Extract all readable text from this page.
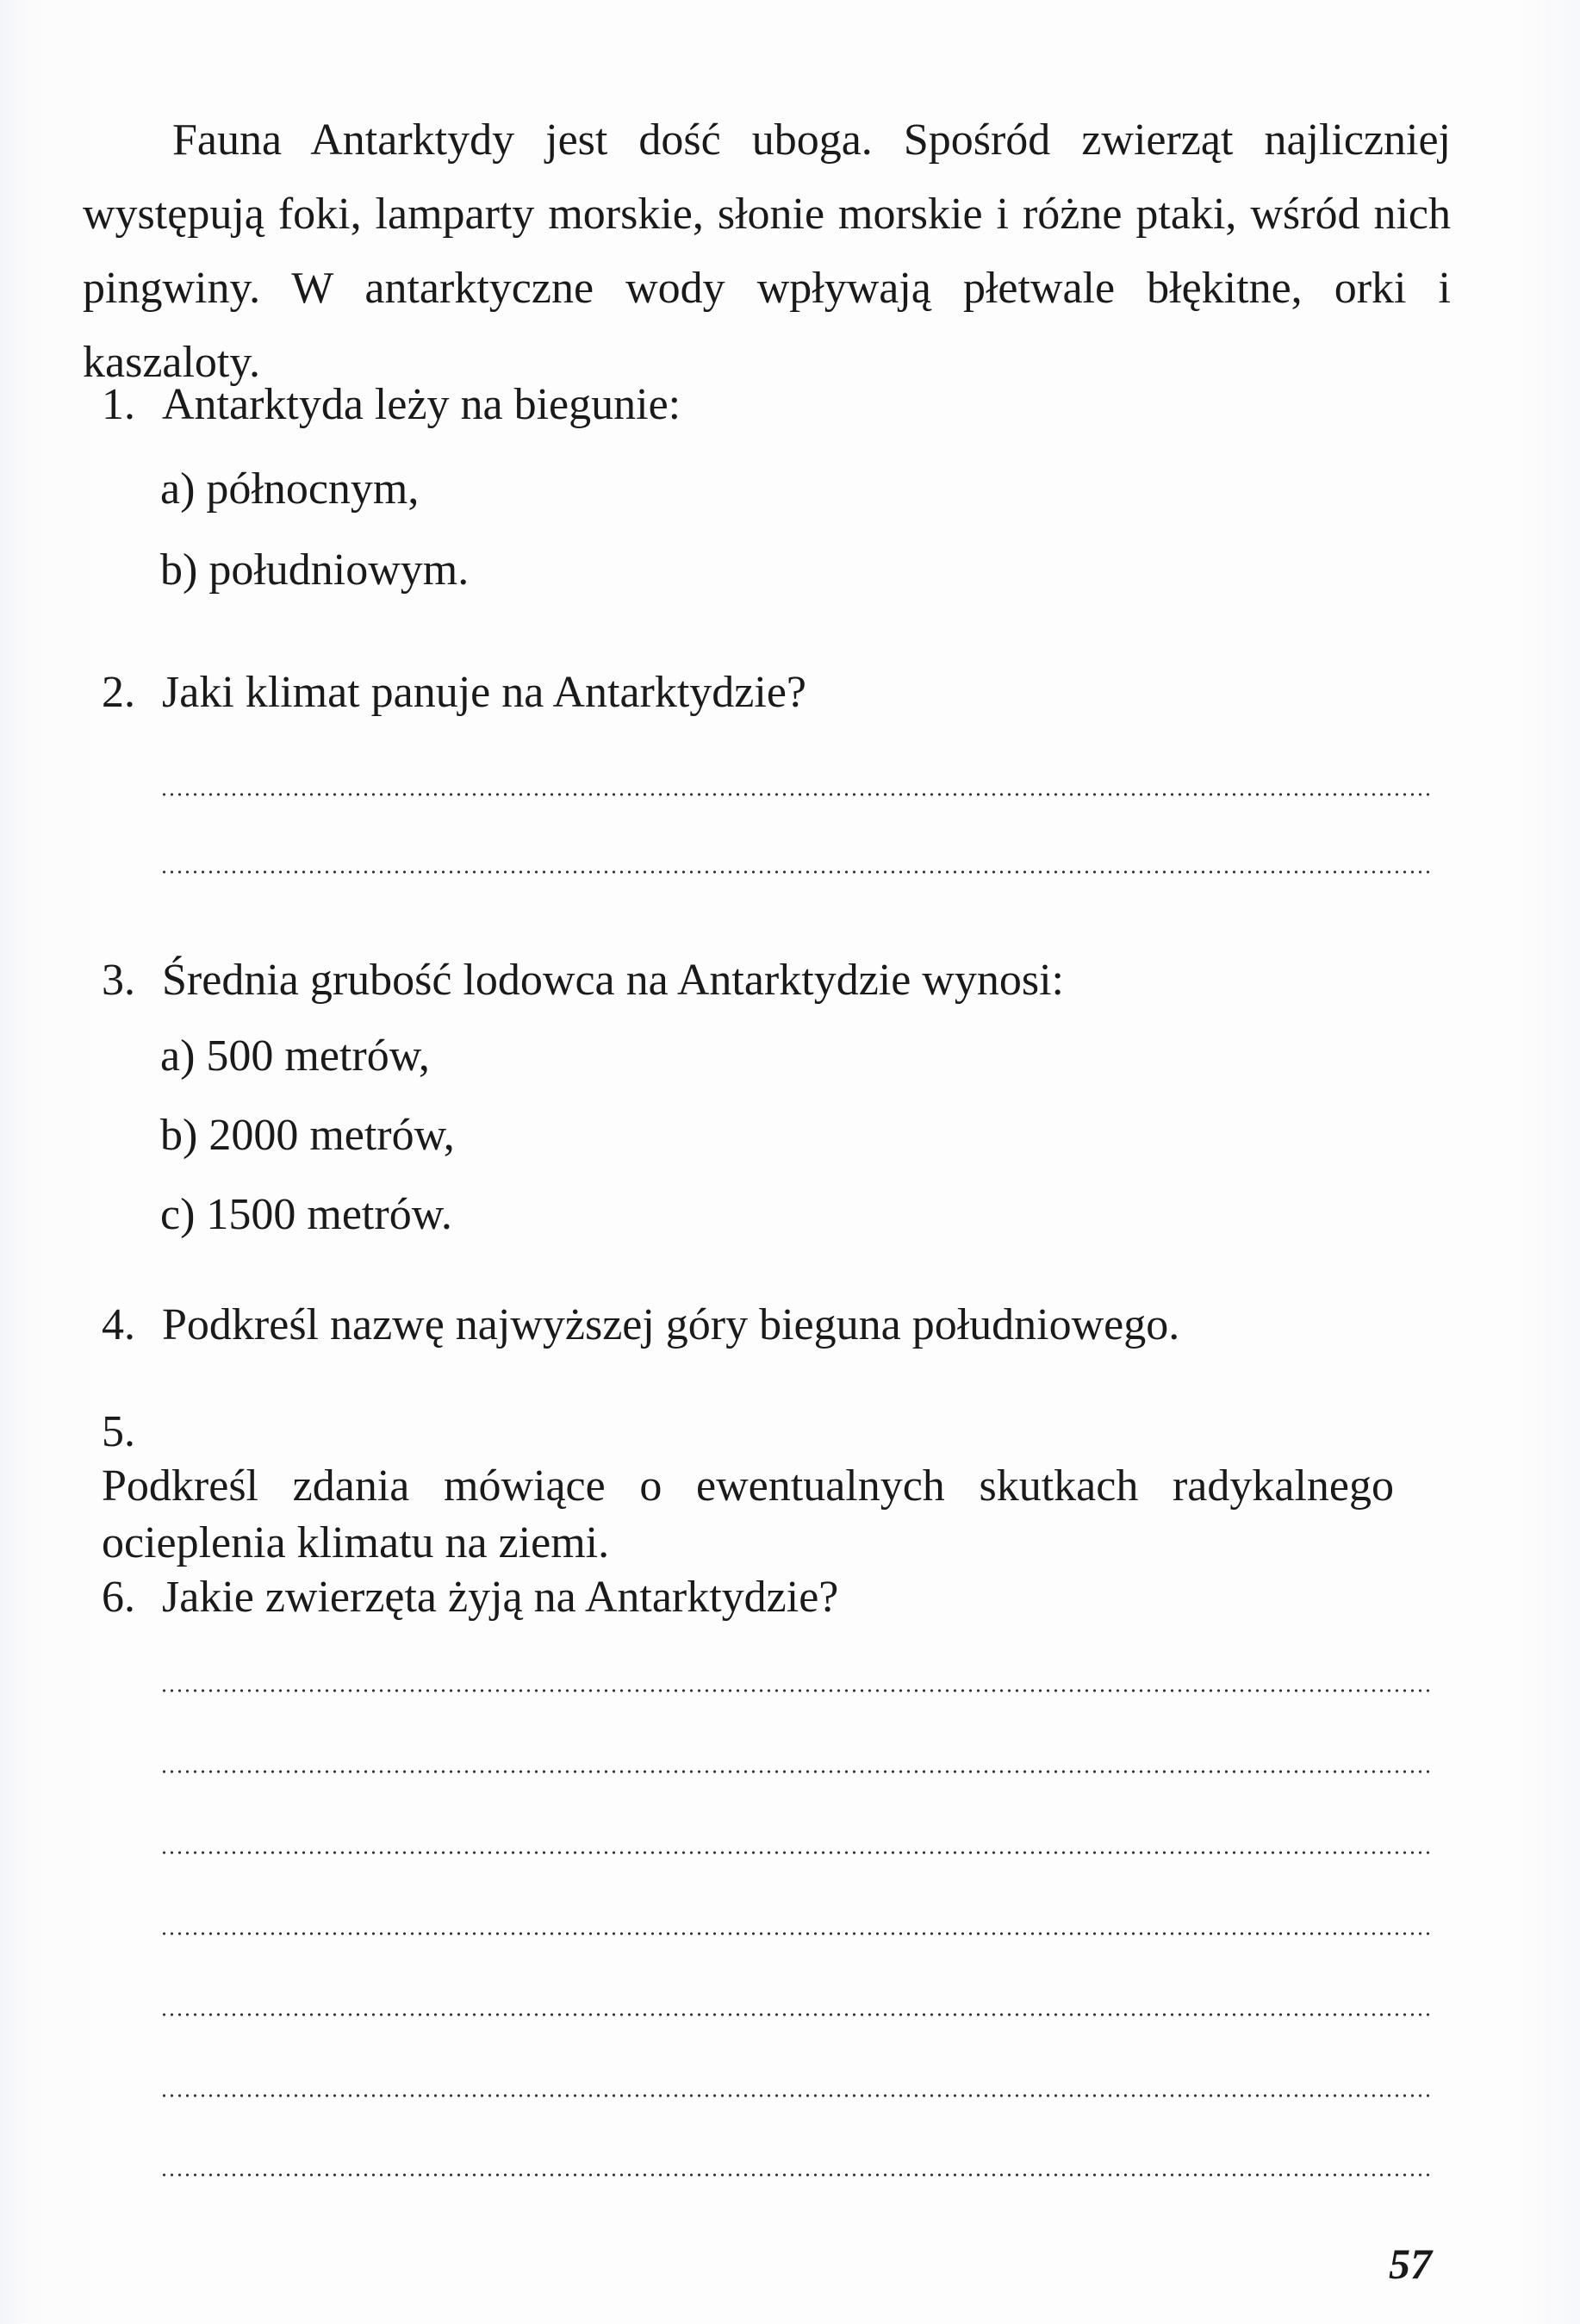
Fauna Antarktydy jest dość uboga. Spośród zwierząt najliczniej występują foki, lamparty morskie, słonie morskie i różne ptaki, wśród nich pingwiny. W antarktyczne wody wpływają płetwale błękitne, orki i kaszaloty.

1. Antarktyda leży na biegunie:

a) północnym,

b) południowym.

2. Jaki klimat panuje na Antarktydzie?

3. Średnia grubość lodowca na Antarktydzie wynosi:

a) 500 metrów,

b) 2000 metrów,

c) 1500 metrów.

4. Podkreśl nazwę najwyższej góry bieguna południowego.

5.Podkreśl zdania mówiące o ewentualnych skutkach radykalnego ocieplenia klimatu na ziemi.

6. Jakie zwierzęta żyją na Antarktydzie?

57
